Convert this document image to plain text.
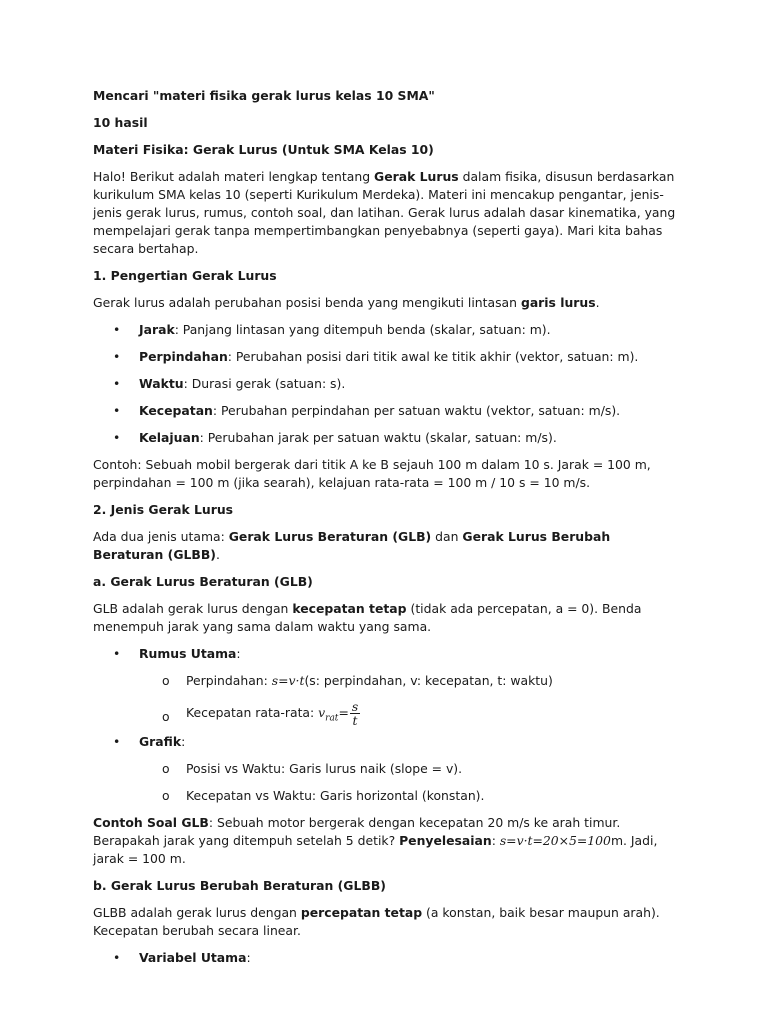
Mencari "materi fisika gerak lurus kelas 10 SMA"

10 hasil

Materi Fisika: Gerak Lurus (Untuk SMA Kelas 10)

Halo! Berikut adalah materi lengkap tentang Gerak Lurus dalam fisika, disusun berdasarkan kurikulum SMA kelas 10 (seperti Kurikulum Merdeka). Materi ini mencakup pengantar, jenis-jenis gerak lurus, rumus, contoh soal, dan latihan. Gerak lurus adalah dasar kinematika, yang mempelajari gerak tanpa mempertimbangkan penyebabnya (seperti gaya). Mari kita bahas secara bertahap.

1. Pengertian Gerak Lurus

Gerak lurus adalah perubahan posisi benda yang mengikuti lintasan garis lurus.

• Jarak: Panjang lintasan yang ditempuh benda (skalar, satuan: m).
• Perpindahan: Perubahan posisi dari titik awal ke titik akhir (vektor, satuan: m).
• Waktu: Durasi gerak (satuan: s).
• Kecepatan: Perubahan perpindahan per satuan waktu (vektor, satuan: m/s).
• Kelajuan: Perubahan jarak per satuan waktu (skalar, satuan: m/s).

Contoh: Sebuah mobil bergerak dari titik A ke B sejauh 100 m dalam 10 s. Jarak = 100 m, perpindahan = 100 m (jika searah), kelajuan rata-rata = 100 m / 10 s = 10 m/s.

2. Jenis Gerak Lurus

Ada dua jenis utama: Gerak Lurus Beraturan (GLB) dan Gerak Lurus Berubah Beraturan (GLBB).

a. Gerak Lurus Beraturan (GLB)

GLB adalah gerak lurus dengan kecepatan tetap (tidak ada percepatan, a = 0). Benda menempuh jarak yang sama dalam waktu yang sama.

• Rumus Utama:
o Perpindahan: s=v·t(s: perpindahan, v: kecepatan, t: waktu)
o Kecepatan rata-rata: $v_{rat}= \frac{s}{t}$
• Grafik:
o Posisi vs Waktu: Garis lurus naik (slope = v).
o Kecepatan vs Waktu: Garis horizontal (konstan).

Contoh Soal GLB: Sebuah motor bergerak dengan kecepatan 20 m/s ke arah timur. Berapakah jarak yang ditempuh setelah 5 detik? Penyelesaian: s=v·t=20×5=100m. Jadi, jarak = 100 m.

b. Gerak Lurus Berubah Beraturan (GLBB)

GLBB adalah gerak lurus dengan percepatan tetap (a konstan, baik besar maupun arah). Kecepatan berubah secara linear.

• Variabel Utama:
